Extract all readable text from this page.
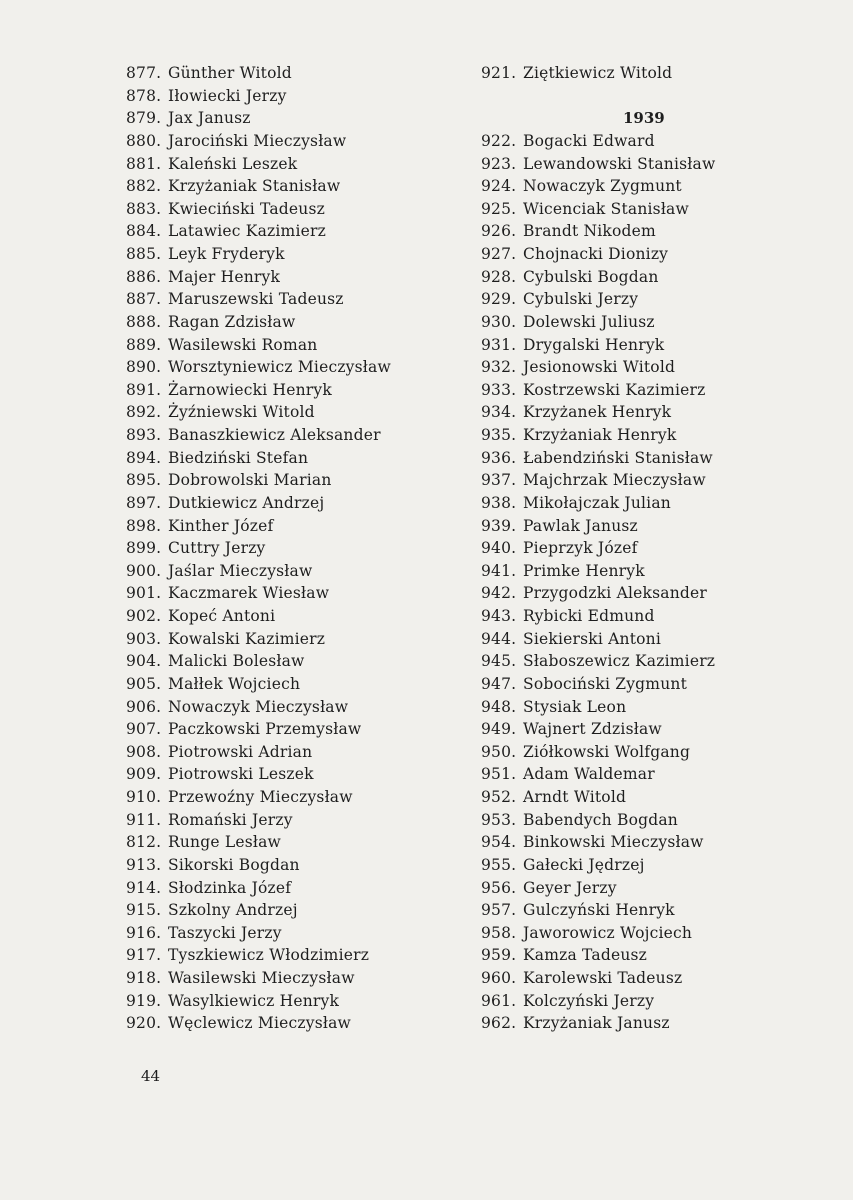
877. Günther Witold
878. Iłowiecki Jerzy
879. Jax Janusz
880. Jarociński Mieczysław
881. Kaleński Leszek
882. Krzyżaniak Stanisław
883. Kwieciński Tadeusz
884. Latawiec Kazimierz
885. Leyk Fryderyk
886. Majer Henryk
887. Maruszewski Tadeusz
888. Ragan Zdzisław
889. Wasilewski Roman
890. Worsztyniewicz Mieczysław
891. Żarnowiecki Henryk
892. Żyźniewski Witold
893. Banaszkiewicz Aleksander
894. Biedziński Stefan
895. Dobrowolski Marian
897. Dutkiewicz Andrzej
898. Kinther Józef
899. Cuttry Jerzy
900. Jaślar Mieczysław
901. Kaczmarek Wiesław
902. Kopeć Antoni
903. Kowalski Kazimierz
904. Malicki Bolesław
905. Małłek Wojciech
906. Nowaczyk Mieczysław
907. Paczkowski Przemysław
908. Piotrowski Adrian
909. Piotrowski Leszek
910. Przewoźny Mieczysław
911. Romański Jerzy
812. Runge Lesław
913. Sikorski Bogdan
914. Słodzinka Józef
915. Szkolny Andrzej
916. Taszycki Jerzy
917. Tyszkiewicz Włodzimierz
918. Wasilewski Mieczysław
919. Wasylkiewicz Henryk
920. Węclewicz Mieczysław
921. Ziętkiewicz Witold
1939
922. Bogacki Edward
923. Lewandowski Stanisław
924. Nowaczyk Zygmunt
925. Wicenciak Stanisław
926. Brandt Nikodem
927. Chojnacki Dionizy
928. Cybulski Bogdan
929. Cybulski Jerzy
930. Dolewski Juliusz
931. Drygalski Henryk
932. Jesionowski Witold
933. Kostrzewski Kazimierz
934. Krzyżanek Henryk
935. Krzyżaniak Henryk
936. Łabendziński Stanisław
937. Majchrzak Mieczysław
938. Mikołajczak Julian
939. Pawlak Janusz
940. Pieprzyk Józef
941. Primke Henryk
942. Przygodzki Aleksander
943. Rybicki Edmund
944. Siekierski Antoni
945. Słaboszewicz Kazimierz
947. Sobociński Zygmunt
948. Stysiak Leon
949. Wajnert Zdzisław
950. Ziółkowski Wolfgang
951. Adam Waldemar
952. Arndt Witold
953. Babendych Bogdan
954. Binkowski Mieczysław
955. Gałecki Jędrzej
956. Geyer Jerzy
957. Gulczyński Henryk
958. Jaworowicz Wojciech
959. Kamza Tadeusz
960. Karolewski Tadeusz
961. Kolczyński Jerzy
962. Krzyżaniak Janusz
44
